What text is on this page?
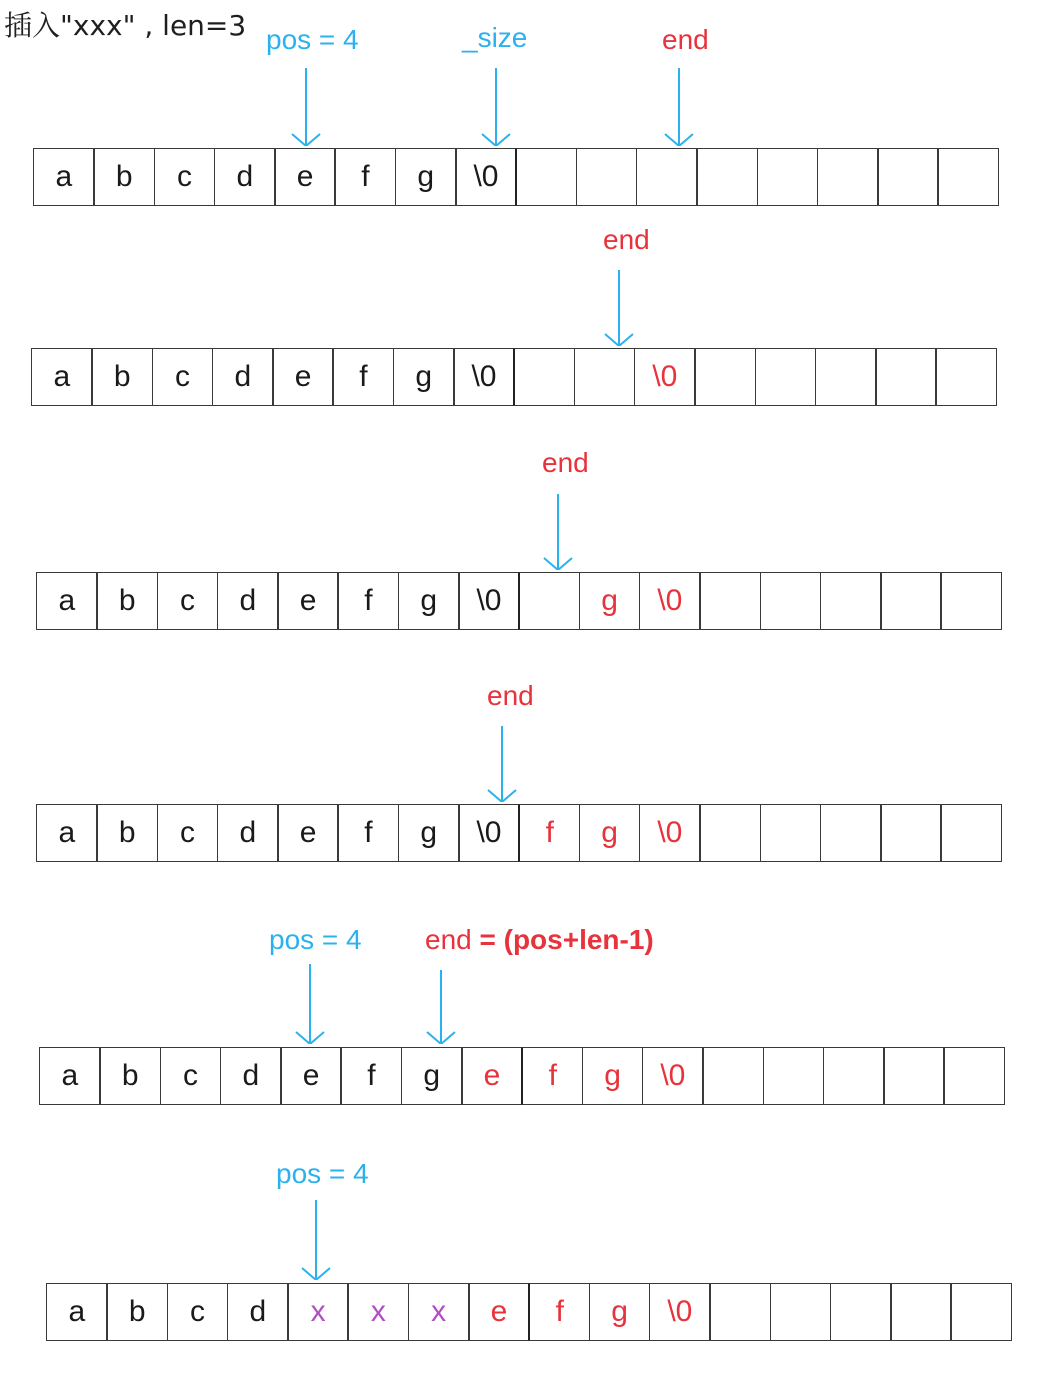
插入"xxx" , len=3
a	b	c	d	e	f	g	\0
pos = 4	_size	end
a	b	c	d	e	f	g	\0	\0
end
a	b	c	d	e	f	g	\0	g	\0
end
a	b	c	d	e	f	g	\0	f	g	\0
end
a	b	c	d	e	f	g	e	f	g	\0
pos = 4 end = (pos+len-1)
a	b	c	d	x	x	x	e	f	g	\0
pos = 4
